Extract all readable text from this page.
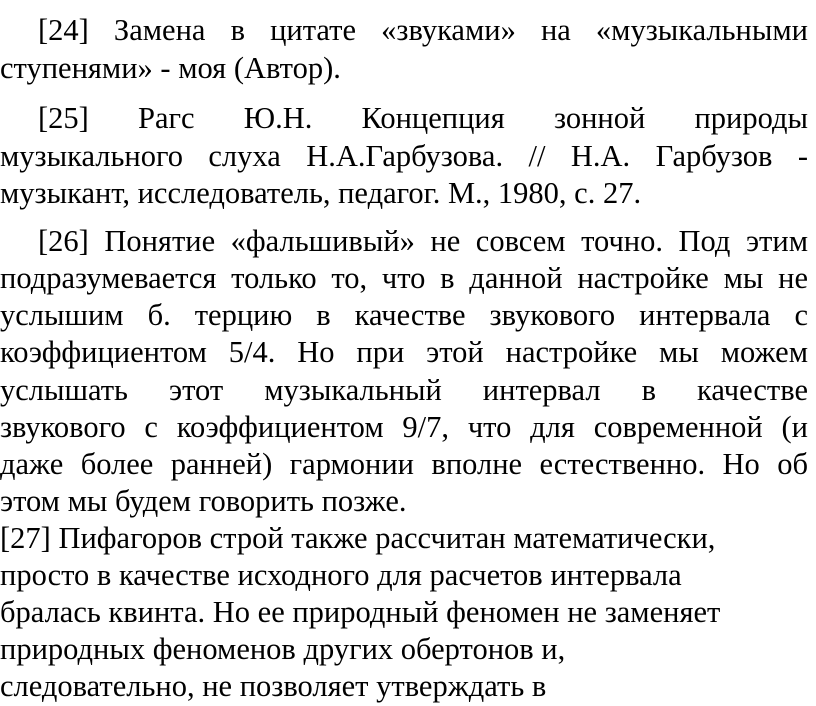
[24] Замена в цитате «звуками» на «музыкальными
ступенями» - моя (Автор).
[25] Рагс Ю.Н. Концепция зонной природы
музыкального слуха Н.А.Гарбузова. // Н.А. Гарбузов -
музыкант, исследователь, педагог. М., 1980, с. 27.
[26] Понятие «фальшивый» не совсем точно. Под этим
подразумевается только то, что в данной настройке мы не
услышим б. терцию в качестве звукового интервала с
коэффициентом 5/4. Но при этой настройке мы можем
услышать этот музыкальный интервал в качестве
звукового с коэффициентом 9/7, что для современной (и
даже более ранней) гармонии вполне естественно. Но об
этом мы будем говорить позже.
[27] Пифагоров строй также рассчитан математически,
просто в качестве исходного для расчетов интервала
бралась квинта. Но ее природный феномен не заменяет
природных феноменов других обертонов и,
следовательно, не позволяет утверждать в
